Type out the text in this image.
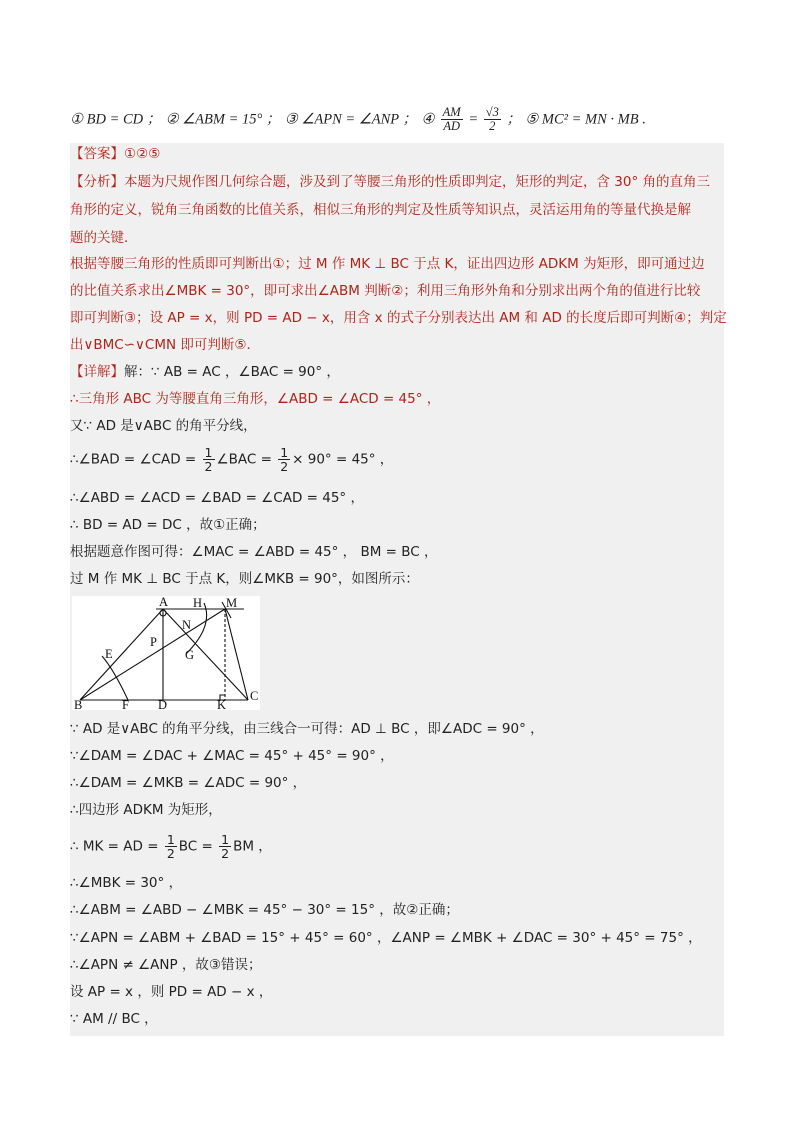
① BD = CD ； ② ∠ABM = 15° ； ③ ∠APN = ∠ANP ； ④ $\frac{AM}{AD} = \frac{√3}{2}$ ； ⑤ MC² = MN · MB .
【答案】①②⑤
【分析】本题为尺规作图几何综合题，涉及到了等腰三角形的性质即判定，矩形的判定，含 30° 角的直角三
角形的定义，锐角三角函数的比值关系，相似三角形的判定及性质等知识点，灵活运用角的等量代换是解
题的关键．
根据等腰三角形的性质即可判断出①；过 M 作 MK ⊥ BC 于点 K，证出四边形 ADKM 为矩形，即可通过边
的比值关系求出∠MBK = 30°，即可求出∠ABM 判断②；利用三角形外角和分别求出两个角的值进行比较
即可判断③；设 AP = x，则 PD = AD − x，用含 x 的式子分别表达出 AM 和 AD 的长度后即可判断④；判定
出∨BMC∽∨CMN 即可判断⑤．
【详解】解：∵ AB = AC ，∠BAC = 90° ，
∴三角形 ABC 为等腰直角三角形，∠ABD = ∠ACD = 45° ，
又∵ AD 是∨ABC 的角平分线，
∴∠BAD = ∠CAD = $\frac{1}{2}$ ∠BAC = $\frac{1}{2} \times 90^\circ = 45^\circ$ ，
∴∠ABD = ∠ACD = ∠BAD = ∠CAD = 45° ，
∴ BD = AD = DC ，故①正确；
根据题意作图可得：∠MAC = ∠ABD = 45° ， BM = BC ，
过 M 作 MK ⊥ BC 于点 K，则∠MKB = 90°，如图所示：
A H M
N
P
G
E
B	F D	K
C
∵ AD 是∨ABC 的角平分线，由三线合一可得：AD ⊥ BC ，即∠ADC = 90° ，
∵∠DAM = ∠DAC + ∠MAC = 45° + 45° = 90° ，
∴∠DAM = ∠MKB = ∠ADC = 90° ，
∴四边形 ADKM 为矩形，
∴ MK = AD = $\frac{1}{2}$ BC = $\frac{1}{2}$ BM ，
∴∠MBK = 30° ，
∴∠ABM = ∠ABD − ∠MBK = 45° − 30° = 15° ，故②正确；
∵∠APN = ∠ABM + ∠BAD = 15° + 45° = 60° ，∠ANP = ∠MBK + ∠DAC = 30° + 45° = 75° ，
∴∠APN ≠ ∠ANP ，故③错误；
设 AP = x ，则 PD = AD − x ，
∵ AM // BC ，
